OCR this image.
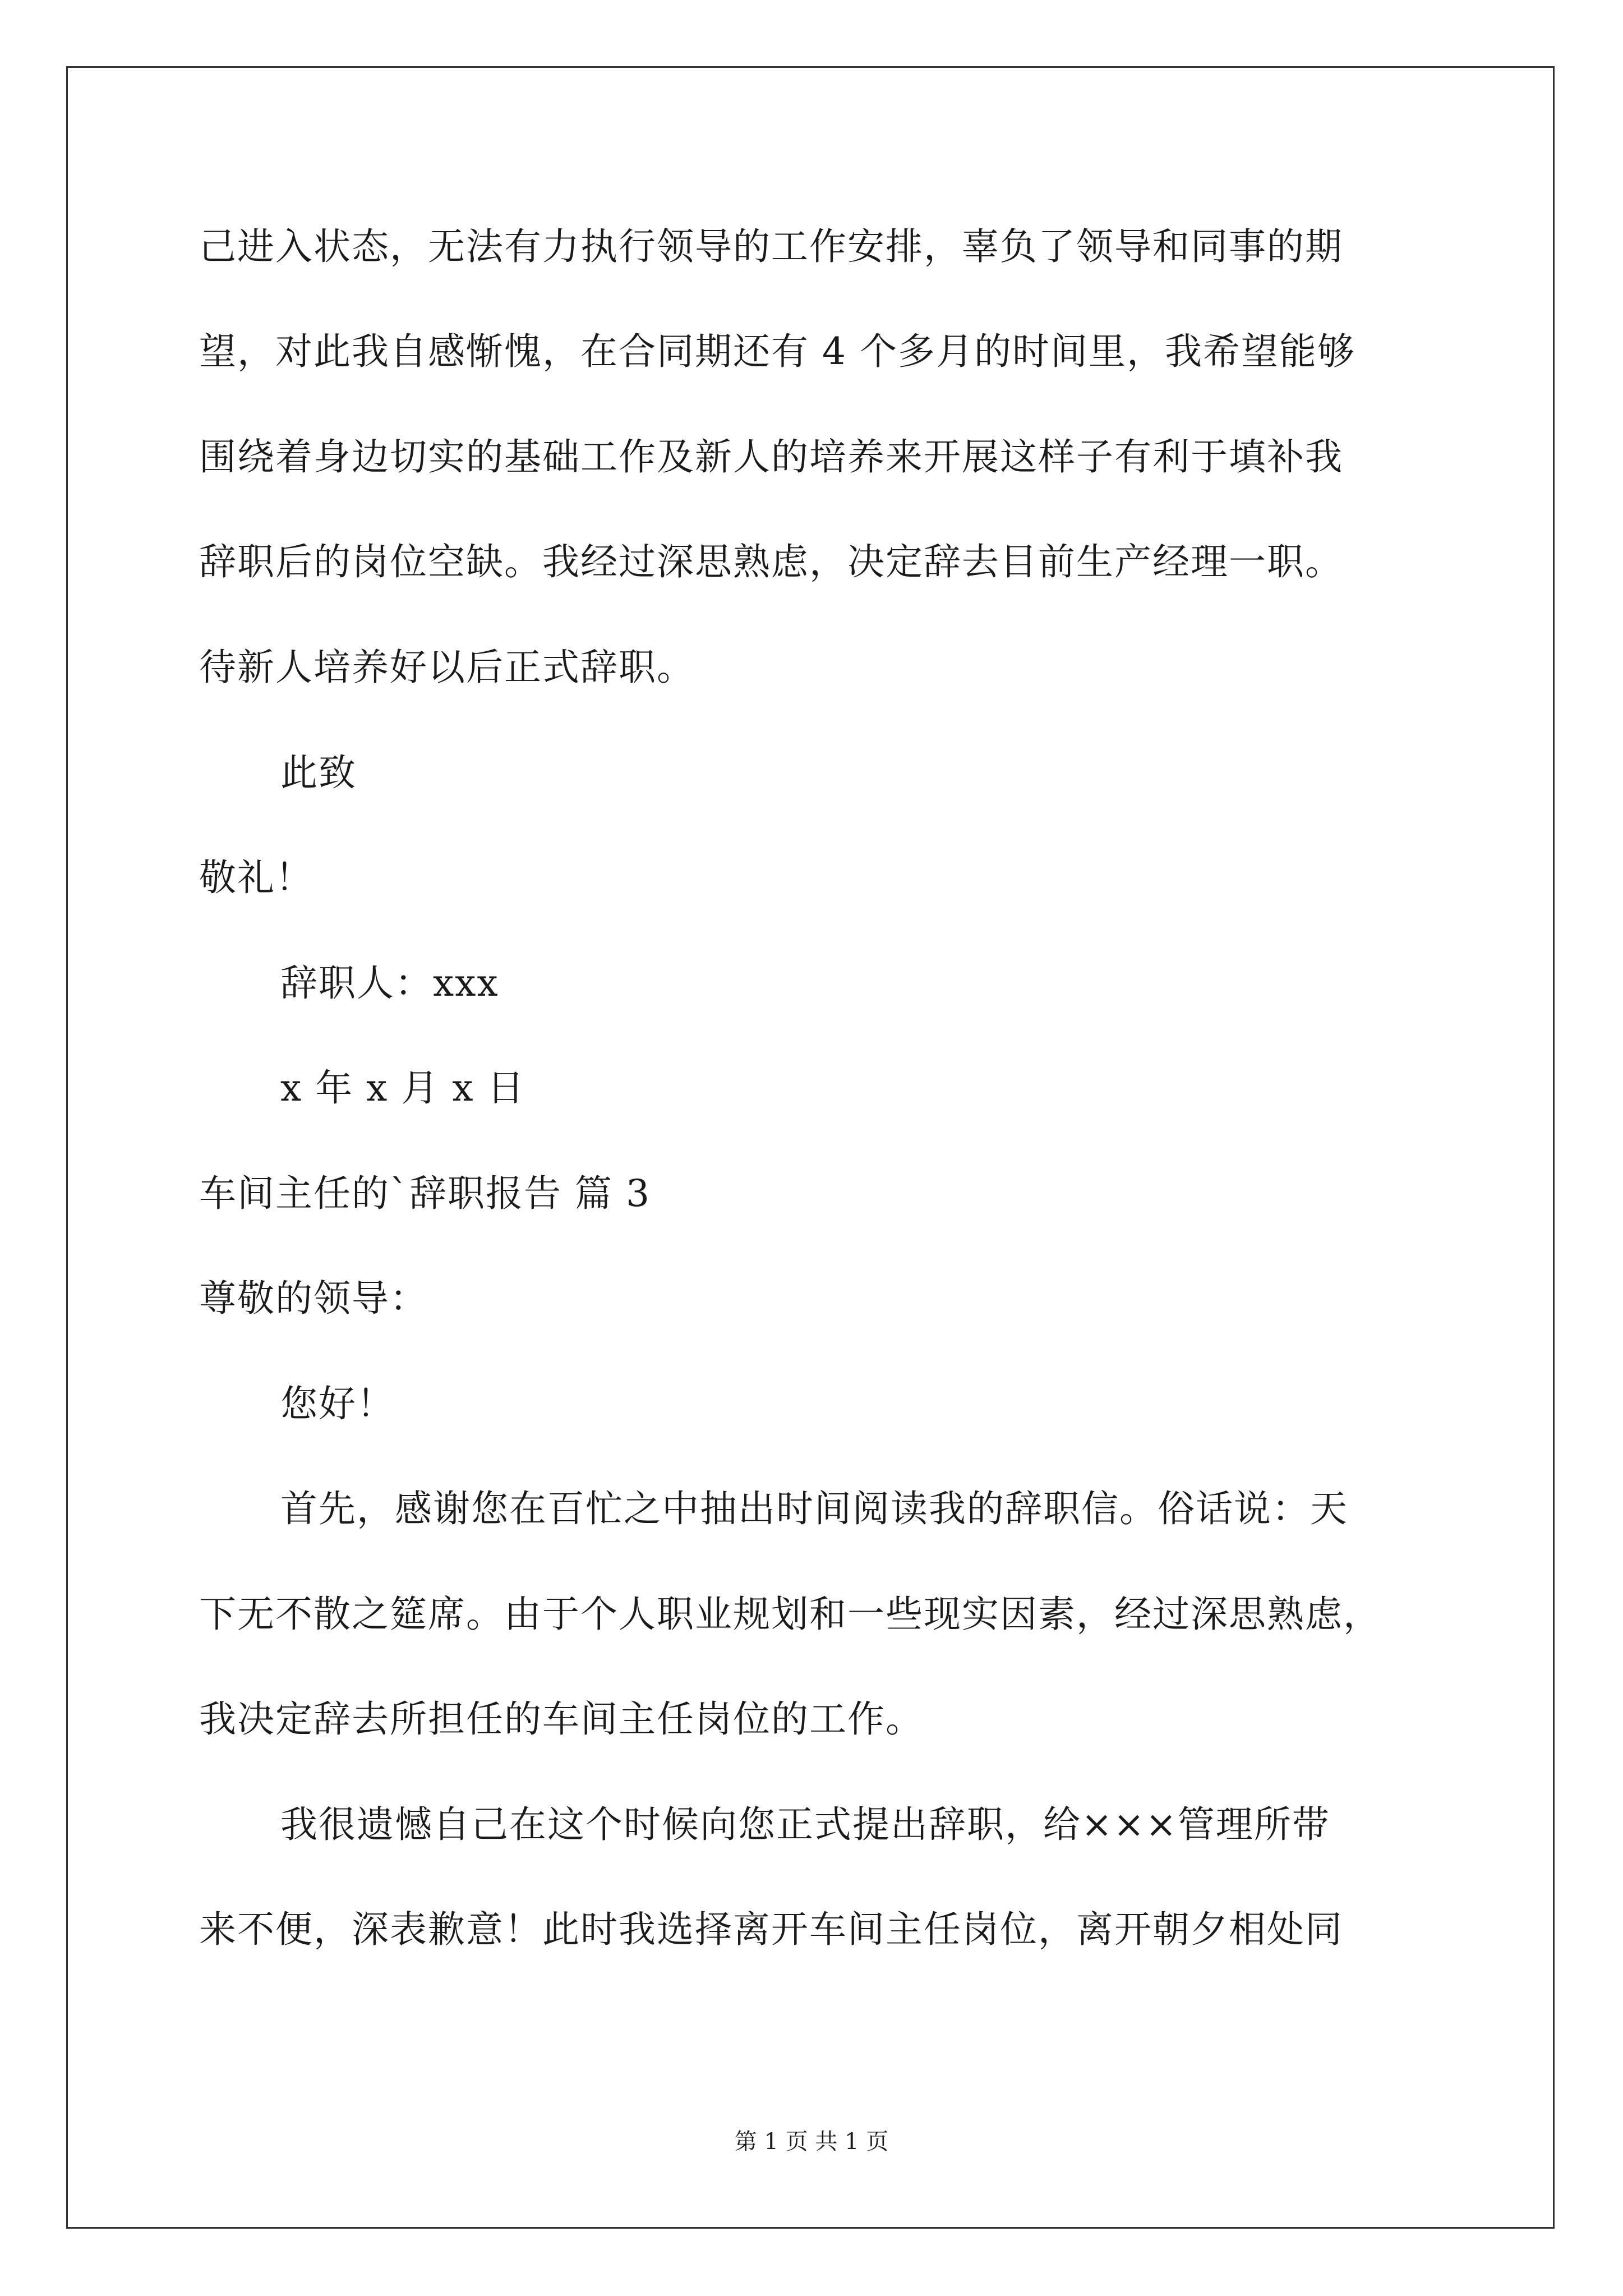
己进入状态，无法有力执行领导的工作安排，辜负了领导和同事的期

望，对此我自感惭愧，在合同期还有 4 个多月的时间里，我希望能够

围绕着身边切实的基础工作及新人的培养来开展这样子有利于填补我

辞职后的岗位空缺。我经过深思熟虑，决定辞去目前生产经理一职。

待新人培养好以后正式辞职。

此致

敬礼！

辞职人：xxx

x 年 x 月 x 日

车间主任的`辞职报告 篇 3

尊敬的领导：

您好！

首先，感谢您在百忙之中抽出时间阅读我的辞职信。俗话说：天

下无不散之筵席。由于个人职业规划和一些现实因素，经过深思熟虑，

我决定辞去所担任的车间主任岗位的工作。

我很遗憾自己在这个时候向您正式提出辞职，给×××管理所带

来不便，深表歉意！此时我选择离开车间主任岗位，离开朝夕相处同

第 1 页 共 1 页
